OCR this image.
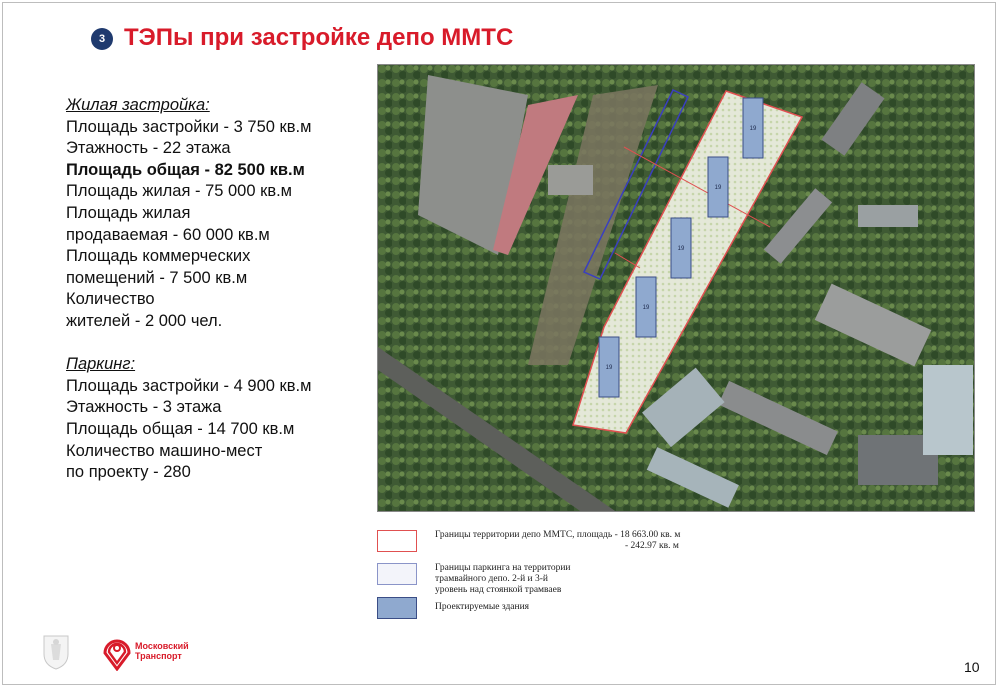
3 ТЭПы при застройке депо ММТС
Жилая застройка:
Площадь застройки - 3 750 кв.м
Этажность - 22 этажа
Площадь общая - 82 500 кв.м
Площадь жилая - 75 000 кв.м
Площадь жилая
продаваемая - 60 000 кв.м
Площадь коммерческих
помещений - 7 500 кв.м
Количество
жителей - 2 000 чел.
Паркинг:
Площадь застройки - 4 900 кв.м
Этажность - 3 этажа
Площадь общая - 14 700 кв.м
Количество машино-мест
по проекту - 280
19
19
19
19
19
Границы территории депо ММТС, площадь - 18 663.00 кв. м
- 242.97 кв. м
Границы паркинга на территории
трамвайного депо. 2-й и 3-й
уровень над стоянкой трамваев
Проектируемые здания
Московский
Транспорт
10
